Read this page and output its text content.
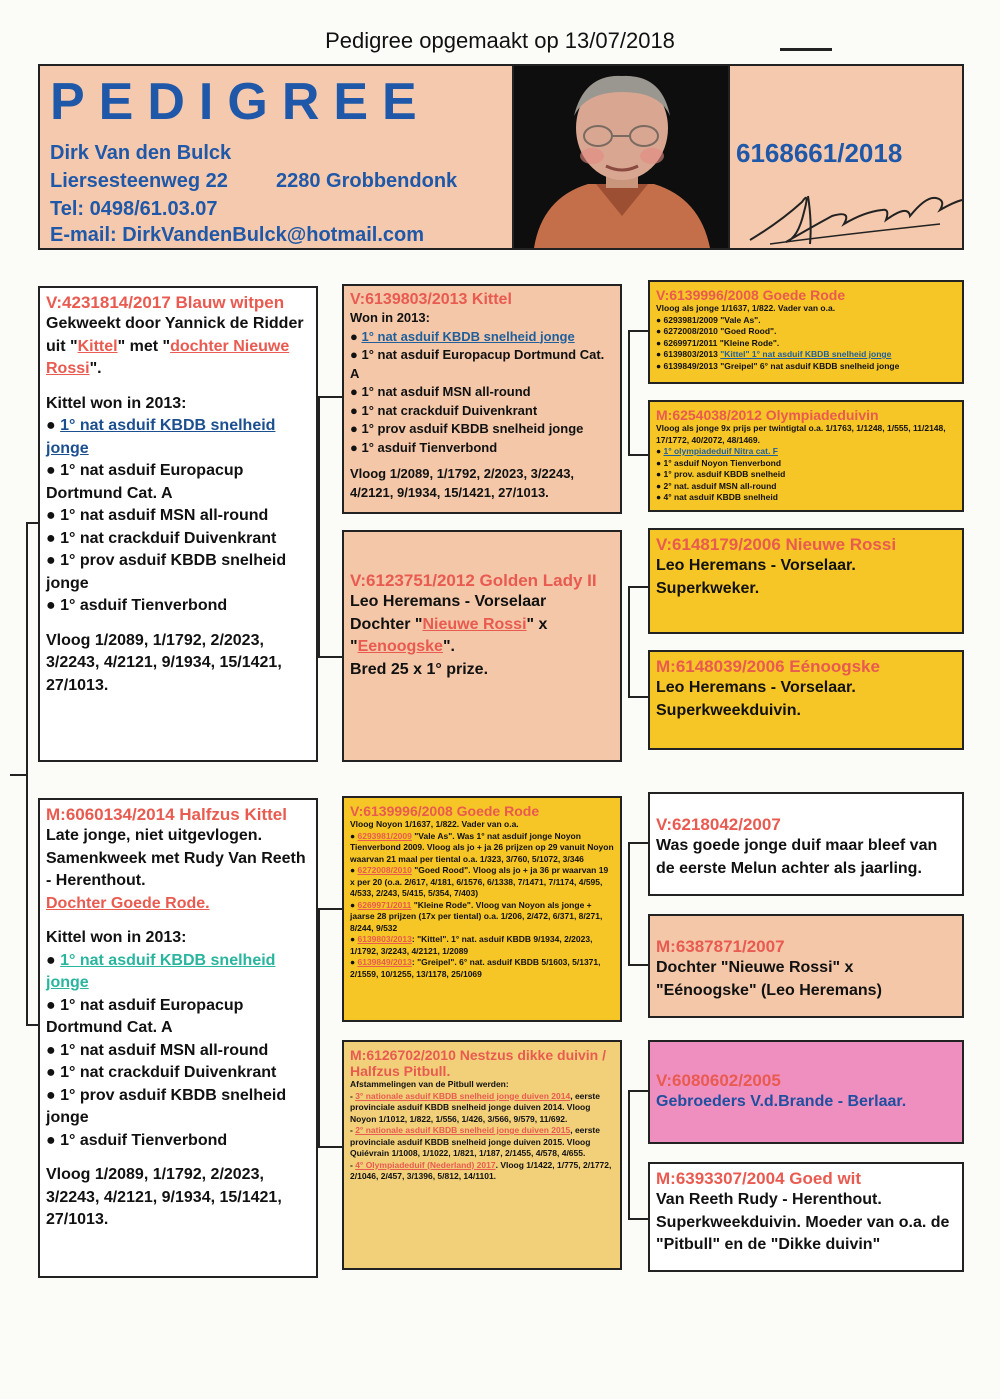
Pedigree opgemaakt op 13/07/2018
PEDIGREE
Dirk Van den Bulck
Liersesteenweg 22 2280 Grobbendonk
Tel: 0498/61.03.07
E-mail: DirkVandenBulck@hotmail.com
6168661/2018
V:4231814/2017 Blauw witpen
Gekweekt door Yannick de Ridder uit "Kittel" met "dochter Nieuwe Rossi".
Kittel won in 2013:
● 1° nat asduif KBDB snelheid jonge
● 1° nat asduif Europacup Dortmund Cat. A
● 1° nat asduif MSN all-round
● 1° nat crackduif Duivenkrant
● 1° prov asduif KBDB snelheid jonge
● 1° asduif Tienverbond
Vloog 1/2089, 1/1792, 2/2023, 3/2243, 4/2121, 9/1934, 15/1421, 27/1013.
M:6060134/2014 Halfzus Kittel
Late jonge, niet uitgevlogen.
Samenkweek met Rudy Van Reeth - Herenthout.
Dochter Goede Rode.
Kittel won in 2013:
● 1° nat asduif KBDB snelheid jonge
● 1° nat asduif Europacup Dortmund Cat. A
● 1° nat asduif MSN all-round
● 1° nat crackduif Duivenkrant
● 1° prov asduif KBDB snelheid jonge
● 1° asduif Tienverbond
Vloog 1/2089, 1/1792, 2/2023, 3/2243, 4/2121, 9/1934, 15/1421, 27/1013.
V:6139803/2013 Kittel
Won in 2013:
● 1° nat asduif KBDB snelheid jonge
● 1° nat asduif Europacup Dortmund Cat. A
● 1° nat asduif MSN all-round
● 1° nat crackduif Duivenkrant
● 1° prov asduif KBDB snelheid jonge
● 1° asduif Tienverbond
Vloog 1/2089, 1/1792, 2/2023, 3/2243, 4/2121, 9/1934, 15/1421, 27/1013.
V:6123751/2012 Golden Lady II
Leo Heremans - Vorselaar
Dochter "Nieuwe Rossi" x "Eenoogske".
Bred 25 x 1° prize.
V:6139996/2008 Goede Rode
Vloog Noyon 1/1637, 1/822. Vader van o.a.
● 6293981/2009 "Vale As". Was 1° nat asduif jonge Noyon Tienverbond 2009. Vloog als jo + ja 26 prijzen op 29 vanuit Noyon waarvan 21 maal per tiental o.a. 1/323, 3/760, 5/1072, 3/346
● 6272008/2010 "Goed Rood". Vloog als jo + ja 36 pr waarvan 19 x per 20 (o.a. 2/617, 4/181, 6/1576, 6/1338, 7/1471, 7/1174, 4/595, 4/533, 2/243, 5/415, 5/354, 7/403)
● 6269971/2011 "Kleine Rode". Vloog van Noyon als jonge + jaarse 28 prijzen (17x per tiental) o.a. 1/206, 2/472, 6/371, 8/271, 8/244, 9/532
● 6139803/2013: "Kittel". 1° nat. asduif KBDB 9/1934, 2/2023, 1/1792, 3/2243, 4/2121, 1/2089
● 6139849/2013: "Greipel". 6° nat. asduif KBDB 5/1603, 5/1371, 2/1559, 10/1255, 13/1178, 25/1069
M:6126702/2010 Nestzus dikke duivin / Halfzus Pitbull.
Afstammelingen van de Pitbull werden:
- 3° nationale asduif KBDB snelheid jonge duiven 2014, eerste provinciale asduif KBDB snelheid jonge duiven 2014. Vloog Noyon 1/1012, 1/822, 1/556, 1/426, 3/566, 9/579, 11/692.
- 2° nationale asduif KBDB snelheid jonge duiven 2015, eerste provinciale asduif KBDB snelheid jonge duiven 2015. Vloog Quiévrain 1/1008, 1/1022, 1/821, 1/187, 2/1455, 4/578, 4/655.
- 4° Olympiadeduif (Nederland) 2017. Vloog 1/1422, 1/775, 2/1772, 2/1046, 2/457, 3/1396, 5/812, 14/1101.
V:6139996/2008 Goede Rode
Vloog als jonge 1/1637, 1/822. Vader van o.a.
● 6293981/2009 "Vale As".
● 6272008/2010 "Goed Rood".
● 6269971/2011 "Kleine Rode".
● 6139803/2013 "Kittel" 1° nat asduif KBDB snelheid jonge
● 6139849/2013 "Greipel" 6° nat asduif KBDB snelheid jonge
M:6254038/2012 Olympiadeduivin
Vloog als jonge 9x prijs per twintigtal o.a. 1/1763, 1/1248, 1/555, 11/2148, 17/1772, 40/2072, 48/1469.
● 1° olympiadeduif Nitra cat. F
● 1° asduif Noyon Tienverbond
● 1° prov. asduif KBDB snelheid
● 2° nat. asduif MSN all-round
● 4° nat asduif KBDB snelheid
V:6148179/2006 Nieuwe Rossi
Leo Heremans - Vorselaar.
Superkweker.
M:6148039/2006 Eénoogske
Leo Heremans - Vorselaar.
Superkweekduivin.
V:6218042/2007
Was goede jonge duif maar bleef van de eerste Melun achter als jaarling.
M:6387871/2007
Dochter "Nieuwe Rossi" x "Eénoogske" (Leo Heremans)
V:6080602/2005
Gebroeders V.d.Brande - Berlaar.
M:6393307/2004 Goed wit
Van Reeth Rudy - Herenthout. Superkweekduivin. Moeder van o.a. de "Pitbull" en de "Dikke duivin"
